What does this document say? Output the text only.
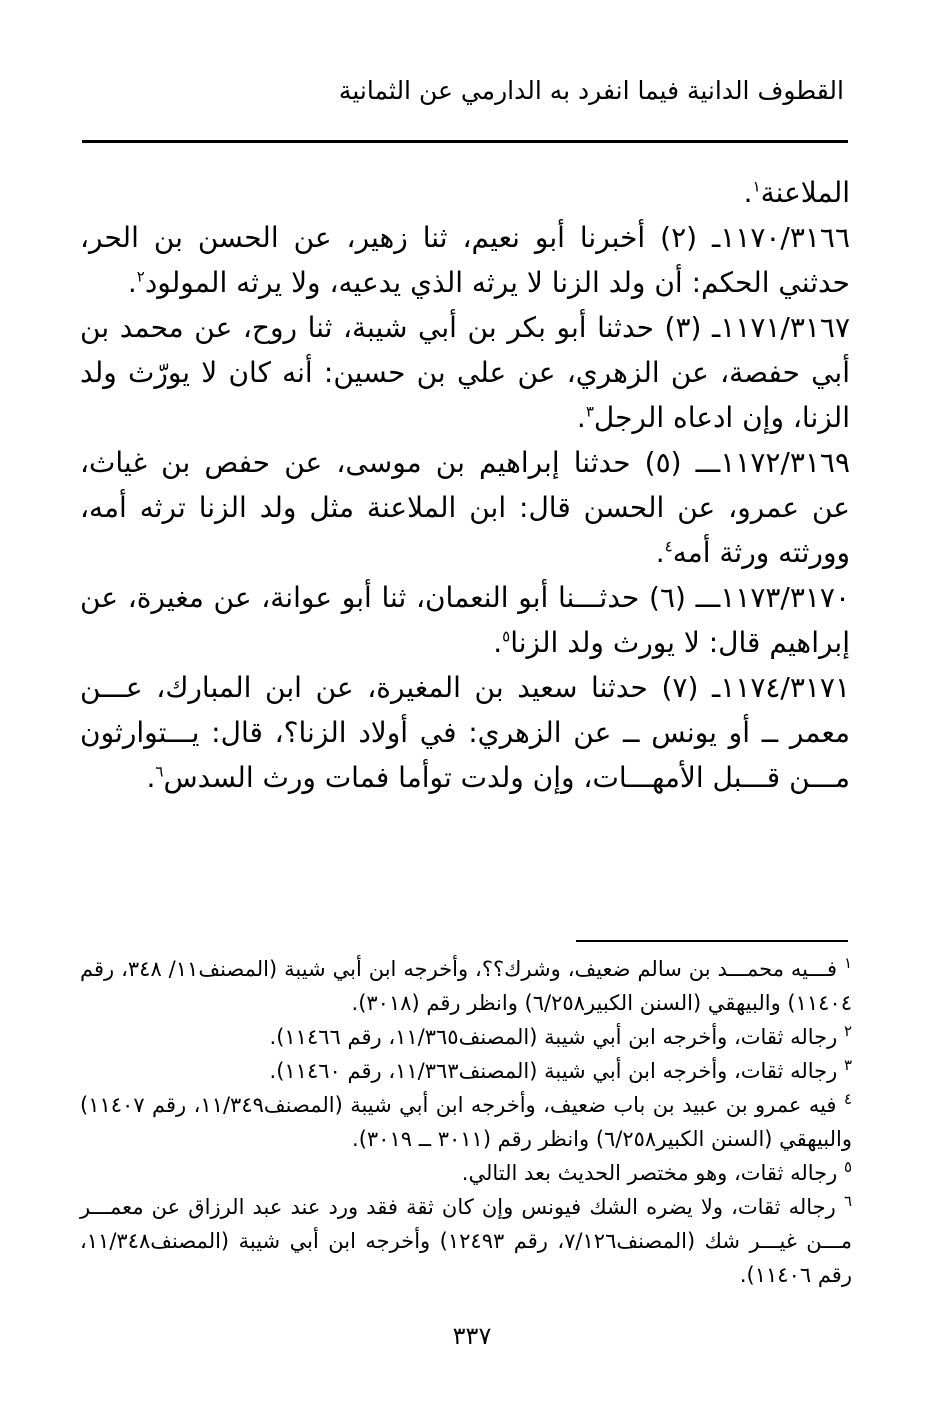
القطوف الدانية فيما انفرد به الدارمي عن الثمانية

الملاعنة$^١$.

١١٧٠/٣١٦٦ـ (٢) أخبرنا أبو نعيم، ثنا زهير، عن الحسن بن الحر، حدثني الحكم: أن ولد الزنا لا يرثه الذي يدعيه، ولا يرثه المولود$^٢$.

١١٧١/٣١٦٧ـ (٣) حدثنا أبو بكر بن أبي شيبة، ثنا روح، عن محمد بن أبي حفصة، عن الزهري، عن علي بن حسين: أنه كان لا يورّث ولد الزنا، وإن ادعاه الرجل$^٣$.

١١٧٢/٣١٦٩ـــ (٥) حدثنا إبراهيم بن موسى، عن حفص بن غياث، عن عمرو، عن الحسن قال: ابن الملاعنة مثل ولد الزنا ترثه أمه، وورثته ورثة أمه$^٤$.

١١٧٣/٣١٧٠ـــ (٦) حدثـــنا أبو النعمان، ثنا أبو عوانة، عن مغيرة، عن إبراهيم قال: لا يورث ولد الزنا$^٥$.

١١٧٤/٣١٧١ـ (٧) حدثنا سعيد بن المغيرة، عن ابن المبارك، عـــن معمر ــ أو يونس ــ عن الزهري: في أولاد الزنا؟، قال: يـــتوارثون مـــن قـــبل الأمهـــات، وإن ولدت توأما فمات ورث السدس$^٦$.

$^١$ فـــيه محمـــد بن سالم ضعيف، وشرك؟؟، وأخرجه ابن أبي شيبة (المصنف١١/ ٣٤٨، رقم ١١٤٠٤) والبيهقي (السنن الكبير٦/٢٥٨) وانظر رقم (٣٠١٨).

$^٢$ رجاله ثقات، وأخرجه ابن أبي شيبة (المصنف١١/٣٦٥، رقم ١١٤٦٦).

$^٣$ رجاله ثقات، وأخرجه ابن أبي شيبة (المصنف١١/٣٦٣، رقم ١١٤٦٠).

$^٤$ فيه عمرو بن عبيد بن باب ضعيف، وأخرجه ابن أبي شيبة (المصنف١١/٣٤٩، رقم ١١٤٠٧) والبيهقي (السنن الكبير٦/٢٥٨) وانظر رقم (٣٠١١ ــ ٣٠١٩).

$^٥$ رجاله ثقات، وهو مختصر الحديث بعد التالي.

$^٦$ رجاله ثقات، ولا يضره الشك فيونس وإن كان ثقة فقد ورد عند عبد الرزاق عن معمـــر مـــن غيـــر شك (المصنف٧/١٢٦، رقم ١٢٤٩٣) وأخرجه ابن أبي شيبة (المصنف١١/٣٤٨، رقم ١١٤٠٦).

٣٣٧
